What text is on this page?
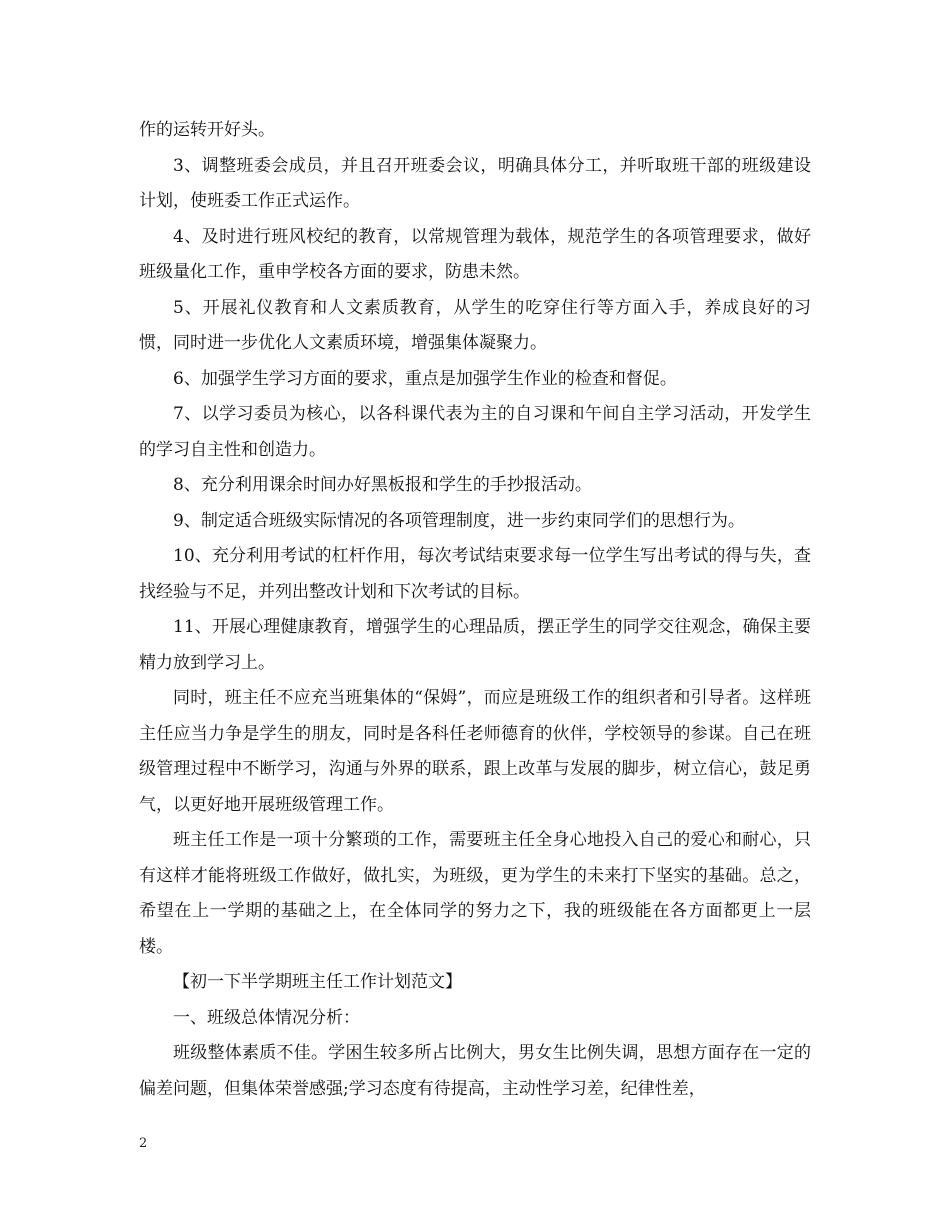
作的运转开好头。

3、调整班委会成员，并且召开班委会议，明确具体分工，并听取班干部的班级建设计划，使班委工作正式运作。

4、及时进行班风校纪的教育，以常规管理为载体，规范学生的各项管理要求，做好班级量化工作，重申学校各方面的要求，防患未然。

5、开展礼仪教育和人文素质教育，从学生的吃穿住行等方面入手，养成良好的习惯，同时进一步优化人文素质环境，增强集体凝聚力。

6、加强学生学习方面的要求，重点是加强学生作业的检查和督促。

7、以学习委员为核心，以各科课代表为主的自习课和午间自主学习活动，开发学生的学习自主性和创造力。

8、充分利用课余时间办好黑板报和学生的手抄报活动。

9、制定适合班级实际情况的各项管理制度，进一步约束同学们的思想行为。

10、充分利用考试的杠杆作用，每次考试结束要求每一位学生写出考试的得与失，查找经验与不足，并列出整改计划和下次考试的目标。

11、开展心理健康教育，增强学生的心理品质，摆正学生的同学交往观念，确保主要精力放到学习上。

同时，班主任不应充当班集体的“保姆”，而应是班级工作的组织者和引导者。这样班主任应当力争是学生的朋友，同时是各科任老师德育的伙伴，学校领导的参谋。自己在班级管理过程中不断学习，沟通与外界的联系，跟上改革与发展的脚步，树立信心，鼓足勇气，以更好地开展班级管理工作。

班主任工作是一项十分繁琐的工作，需要班主任全身心地投入自己的爱心和耐心，只有这样才能将班级工作做好，做扎实，为班级，更为学生的未来打下坚实的基础。总之，希望在上一学期的基础之上，在全体同学的努力之下，我的班级能在各方面都更上一层楼。

【初一下半学期班主任工作计划范文】

一、班级总体情况分析：

班级整体素质不佳。学困生较多所占比例大，男女生比例失调，思想方面存在一定的偏差问题，但集体荣誉感强;学习态度有待提高，主动性学习差，纪律性差，

2
